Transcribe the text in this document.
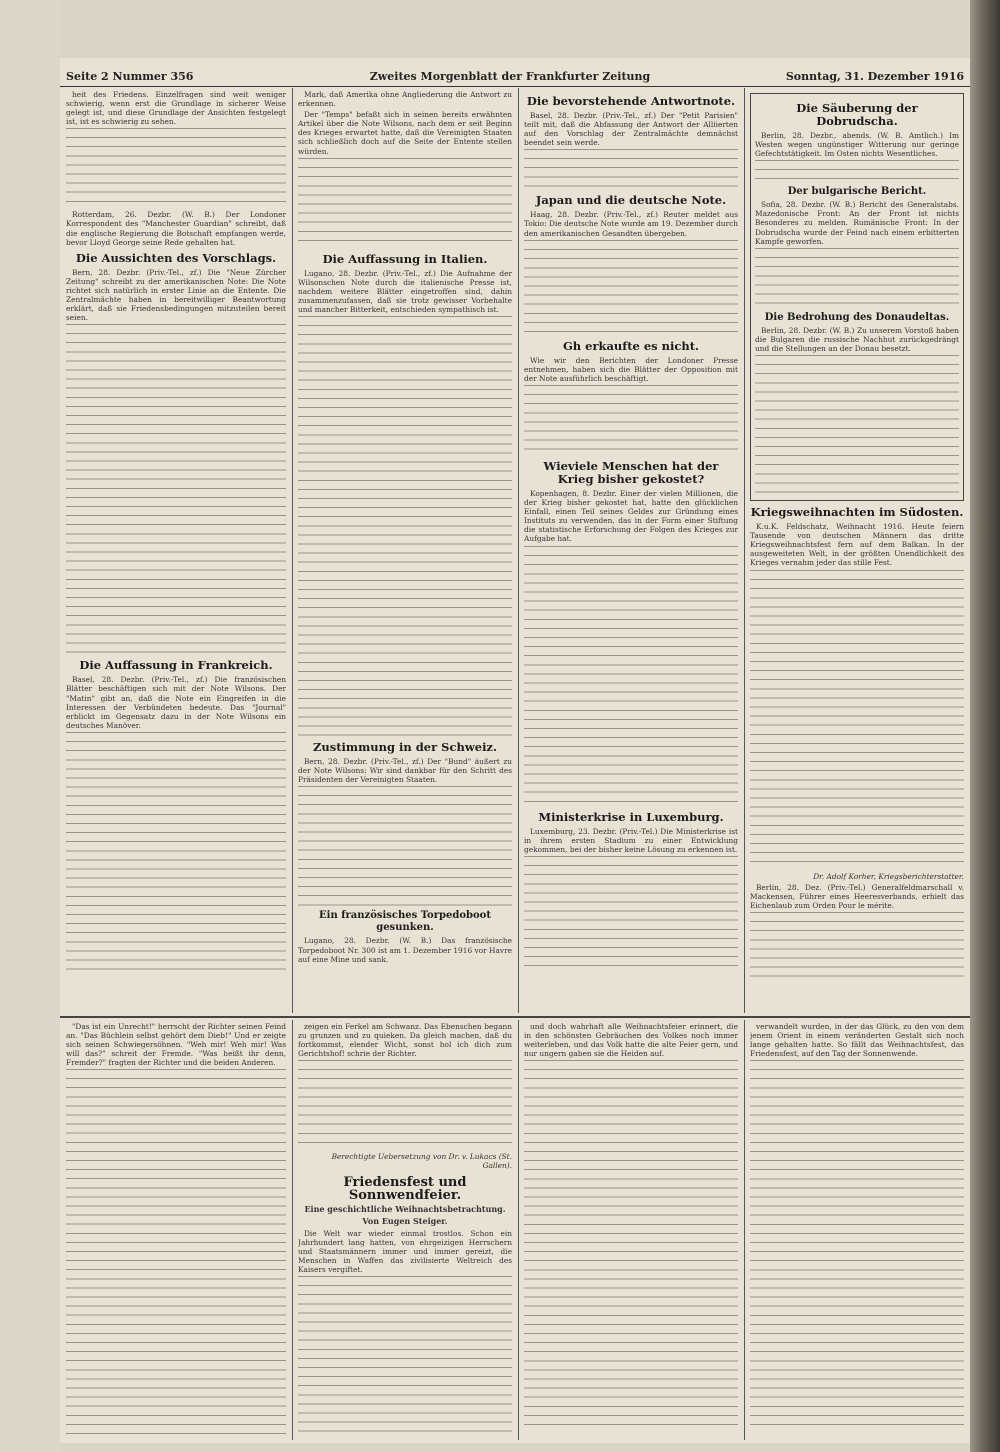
Seite 2 Nummer 356	Zweites Morgenblatt der Frankfurter Zeitung	Sonntag, 31. Dezember 1916

heit des Friedens. Einzelfragen sind weit weniger schwierig, wenn erst die Grundlage in sicherer Weise gelegt ist, und diese Grundlage der Ansichten festgelegt ist, ist es schwierig zu sehen.

Rotterdam, 26. Dezbr. (W. B.) Der Londoner Korrespondent des "Manchester Guardian" schreibt, daß die englische Regierung die Botschaft empfangen werde, bevor Lloyd George seine Rede gehalten hat.

Die Aussichten des Vorschlags.

Bern, 28. Dezbr. (Priv.-Tel., zf.) Die "Neue Zürcher Zeitung" schreibt zu der amerikanischen Note: Die Note richtet sich natürlich in erster Linie an die Entente. Die Zentralmächte haben in bereitwilliger Beantwortung erklärt, daß sie Friedensbedingungen mitzuteilen bereit seien.

Die Auffassung in Frankreich.

Basel, 28. Dezbr. (Priv.-Tel., zf.) Die französischen Blätter beschäftigen sich mit der Note Wilsons. Der "Matin" gibt an, daß die Note ein Eingreifen in die Interessen der Verbündeten bedeute. Das "Journal" erblickt im Gegensatz dazu in der Note Wilsons ein deutsches Manöver.

Mark, daß Amerika ohne Angliederung die Antwort zu erkennen.

Der "Temps" befaßt sich in seinen bereits erwähnten Artikel über die Note Wilsons, nach dem er seit Beginn des Krieges erwartet hatte, daß die Vereinigten Staaten sich schließlich doch auf die Seite der Entente stellen würden.

Die Auffassung in Italien.

Lugano, 28. Dezbr. (Priv.-Tel., zf.) Die Aufnahme der Wilsonschen Note durch die italienische Presse ist, nachdem weitere Blätter eingetroffen sind, dahin zusammenzufassen, daß sie trotz gewisser Vorbehalte und mancher Bitterkeit, entschieden sympathisch ist.

Zustimmung in der Schweiz.

Bern, 28. Dezbr. (Priv.-Tel., zf.) Der "Bund" äußert zu der Note Wilsons: Wir sind dankbar für den Schritt des Präsidenten der Vereinigten Staaten.

Ein französisches Torpedoboot gesunken.

Lugano, 28. Dezbr. (W. B.) Das französische Torpedoboot Nr. 300 ist am 1. Dezember 1916 vor Havre auf eine Mine und sank.

Die bevorstehende Antwortnote.

Basel, 28. Dezbr. (Priv.-Tel., zf.) Der "Petit Parisien" teilt mit, daß die Abfassung der Antwort der Alliierten auf den Vorschlag der Zentralmächte demnächst beendet sein werde.

Japan und die deutsche Note.

Haag, 28. Dezbr. (Priv.-Tel., zf.) Reuter meldet aus Tokio: Die deutsche Note wurde am 19. Dezember durch den amerikanischen Gesandten übergeben.

Gh erkaufte es nicht.

Wie wir den Berichten der Londoner Presse entnehmen, haben sich die Blätter der Opposition mit der Note ausführlich beschäftigt.

Wieviele Menschen hat der Krieg bisher gekostet?

Kopenhagen, 8. Dezbr. Einer der vielen Millionen, die der Krieg bisher gekostet hat, hatte den glücklichen Einfall, einen Teil seines Geldes zur Gründung eines Instituts zu verwenden, das in der Form einer Stiftung die statistische Erforschung der Folgen des Krieges zur Aufgabe hat.

Ministerkrise in Luxemburg.

Luxemburg, 23. Dezbr. (Priv.-Tel.) Die Ministerkrise ist in ihrem ersten Stadium zu einer Entwicklung gekommen, bei der bisher keine Lösung zu erkennen ist.

Die Säuberung der Dobrudscha.

Berlin, 28. Dezbr., abends. (W. B. Amtlich.) Im Westen wegen ungünstiger Witterung nur geringe Gefechtstätigkeit. Im Osten nichts Wesentliches.

Der bulgarische Bericht.

Sofia, 28. Dezbr. (W. B.) Bericht des Generalstabs. Mazedonische Front: An der Front ist nichts Besonderes zu melden. Rumänische Front: In der Dobrudscha wurde der Feind nach einem erbitterten Kampfe geworfen.

Die Bedrohung des Donaudeltas.

Berlin, 28. Dezbr. (W. B.) Zu unserem Vorstoß haben die Bulgaren die russische Nachhut zurückgedrängt und die Stellungen an der Donau besetzt.

Kriegsweihnachten im Südosten.

K.u.K. Feldschatz, Weihnacht 1916. Heute feiern Tausende von deutschen Männern das dritte Kriegsweihnachtsfest fern auf dem Balkan. In der ausgeweiteten Welt, in der größten Unendlichkeit des Krieges vernahm jeder das stille Fest.

Dr. Adolf Korher, Kriegsberichterstatter.

Berlin, 28. Dez. (Priv.-Tel.) Generalfeldmarschall v. Mackensen, Führer eines Heeresverbands, erhielt das Eichenlaub zum Orden Pour le mérite.

"Das ist ein Unrecht!" herrscht der Richter seinen Feind an. "Das Büchlein selbst gehört dem Dieb!" Und er zeigte sich seinen Schwiegersöhnen. "Weh mir! Weh mir! Was will das?" schreit der Fremde. "Was heißt ihr denn, Fremder?" fragten der Richter und die beiden Anderen.

zeigen ein Ferkel am Schwanz. Das Ebenschen begann zu grunzen und zu quieken. Da gleich machen, daß du fortkommst, elender Wicht, sonst hol ich dich zum Gerichtshof! schrie der Richter.

Berechtigte Uebersetzung von Dr. v. Lukacs (St. Gallen).

Friedensfest und Sonnwendfeier.
Eine geschichtliche Weihnachtsbetrachtung.
Von Eugen Steiger.

Die Welt war wieder einmal trostlos. Schon ein Jahrhundert lang hatten, von ehrgeizigen Herrschern und Staatsmännern immer und immer gereizt, die Menschen in Waffen das zivilisierte Weltreich des Kaisers vergiftet.

und doch wahrhaft alle Weihnachtsfeier erinnert, die in den schönsten Gebräuchen des Volkes noch immer weiterleben, und das Volk hatte die alte Feier gern, und nur ungern gaben sie die Heiden auf.

verwandelt wurden, in der das Glück, zu den von dem jenem Orient in einem veränderten Gestalt sich noch lange gehalten hatte. So fällt das Weihnachtsfest, das Friedensfest, auf den Tag der Sonnenwende.
